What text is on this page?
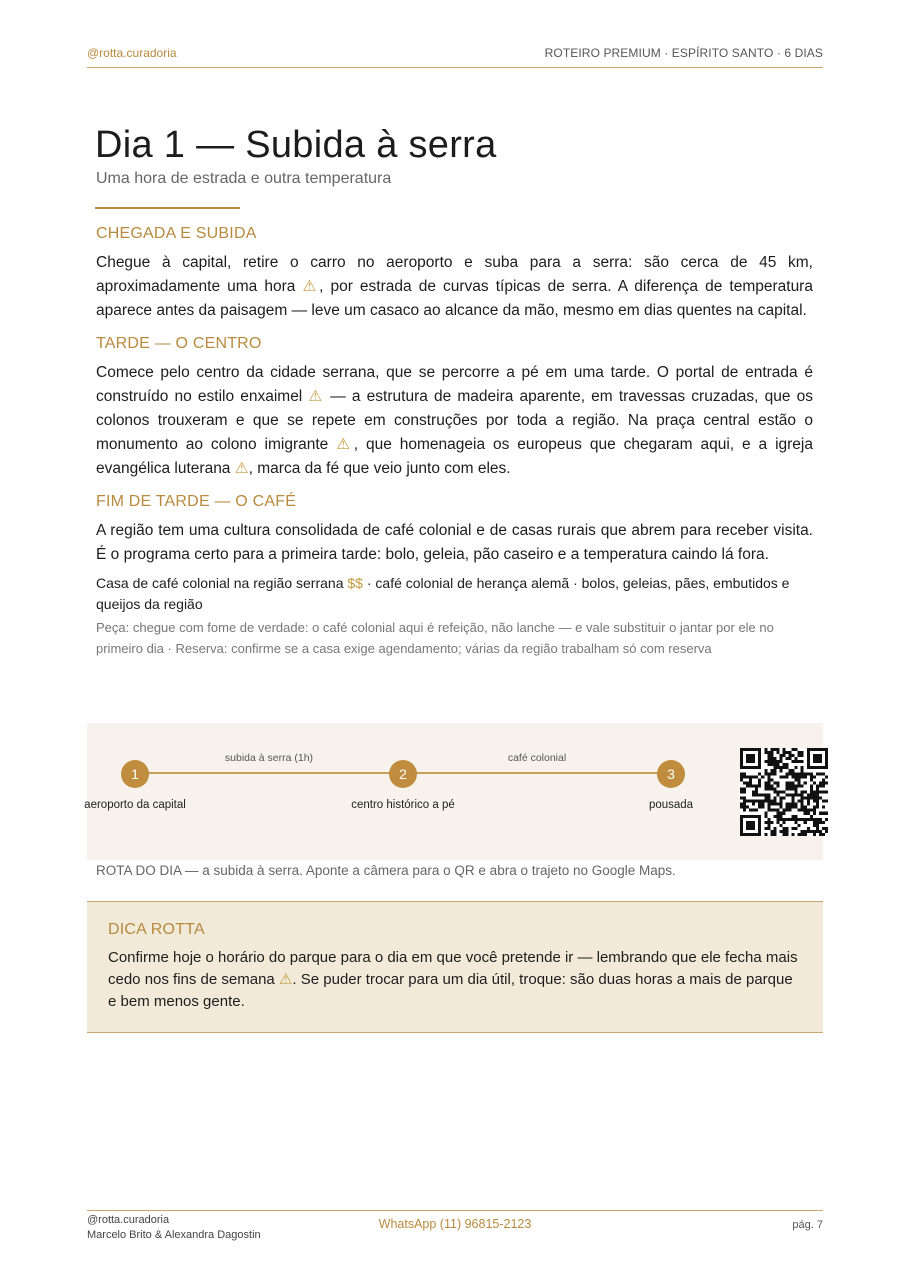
@rotta.curadoria	ROTEIRO PREMIUM · ESPÍRITO SANTO · 6 DIAS
Dia 1 — Subida à serra
Uma hora de estrada e outra temperatura
CHEGADA E SUBIDA

Chegue à capital, retire o carro no aeroporto e suba para a serra: são cerca de 45 km, aproximadamente uma hora ⚠, por estrada de curvas típicas de serra. A diferença de temperatura aparece antes da paisagem — leve um casaco ao alcance da mão, mesmo em dias quentes na capital.

TARDE — O CENTRO

Comece pelo centro da cidade serrana, que se percorre a pé em uma tarde. O portal de entrada é construído no estilo enxaimel ⚠ — a estrutura de madeira aparente, em travessas cruzadas, que os colonos trouxeram e que se repete em construções por toda a região. Na praça central estão o monumento ao colono imigrante ⚠, que homenageia os europeus que chegaram aqui, e a igreja evangélica luterana ⚠, marca da fé que veio junto com eles.

FIM DE TARDE — O CAFÉ

A região tem uma cultura consolidada de café colonial e de casas rurais que abrem para receber visita. É o programa certo para a primeira tarde: bolo, geleia, pão caseiro e a temperatura caindo lá fora.

Casa de café colonial na região serrana $$ · café colonial de herança alemã · bolos, geleias, pães, embutidos e queijos da região
Peça: chegue com fome de verdade: o café colonial aqui é refeição, não lanche — e vale substituir o jantar por ele no primeiro dia · Reserva: confirme se a casa exige agendamento; várias da região trabalham só com reserva
subida à serra (1h)	café colonial
1	2	3
aeroporto da capital	centro histórico a pé	pousada
ROTA DO DIA — a subida à serra. Aponte a câmera para o QR e abra o trajeto no Google Maps.
DICA ROTTA
Confirme hoje o horário do parque para o dia em que você pretende ir — lembrando que ele fecha mais cedo nos fins de semana ⚠. Se puder trocar para um dia útil, troque: são duas horas a mais de parque e bem menos gente.
@rotta.curadoria
Marcelo Brito & Alexandra Dagostin
WhatsApp (11) 96815-2123	pág. 7
